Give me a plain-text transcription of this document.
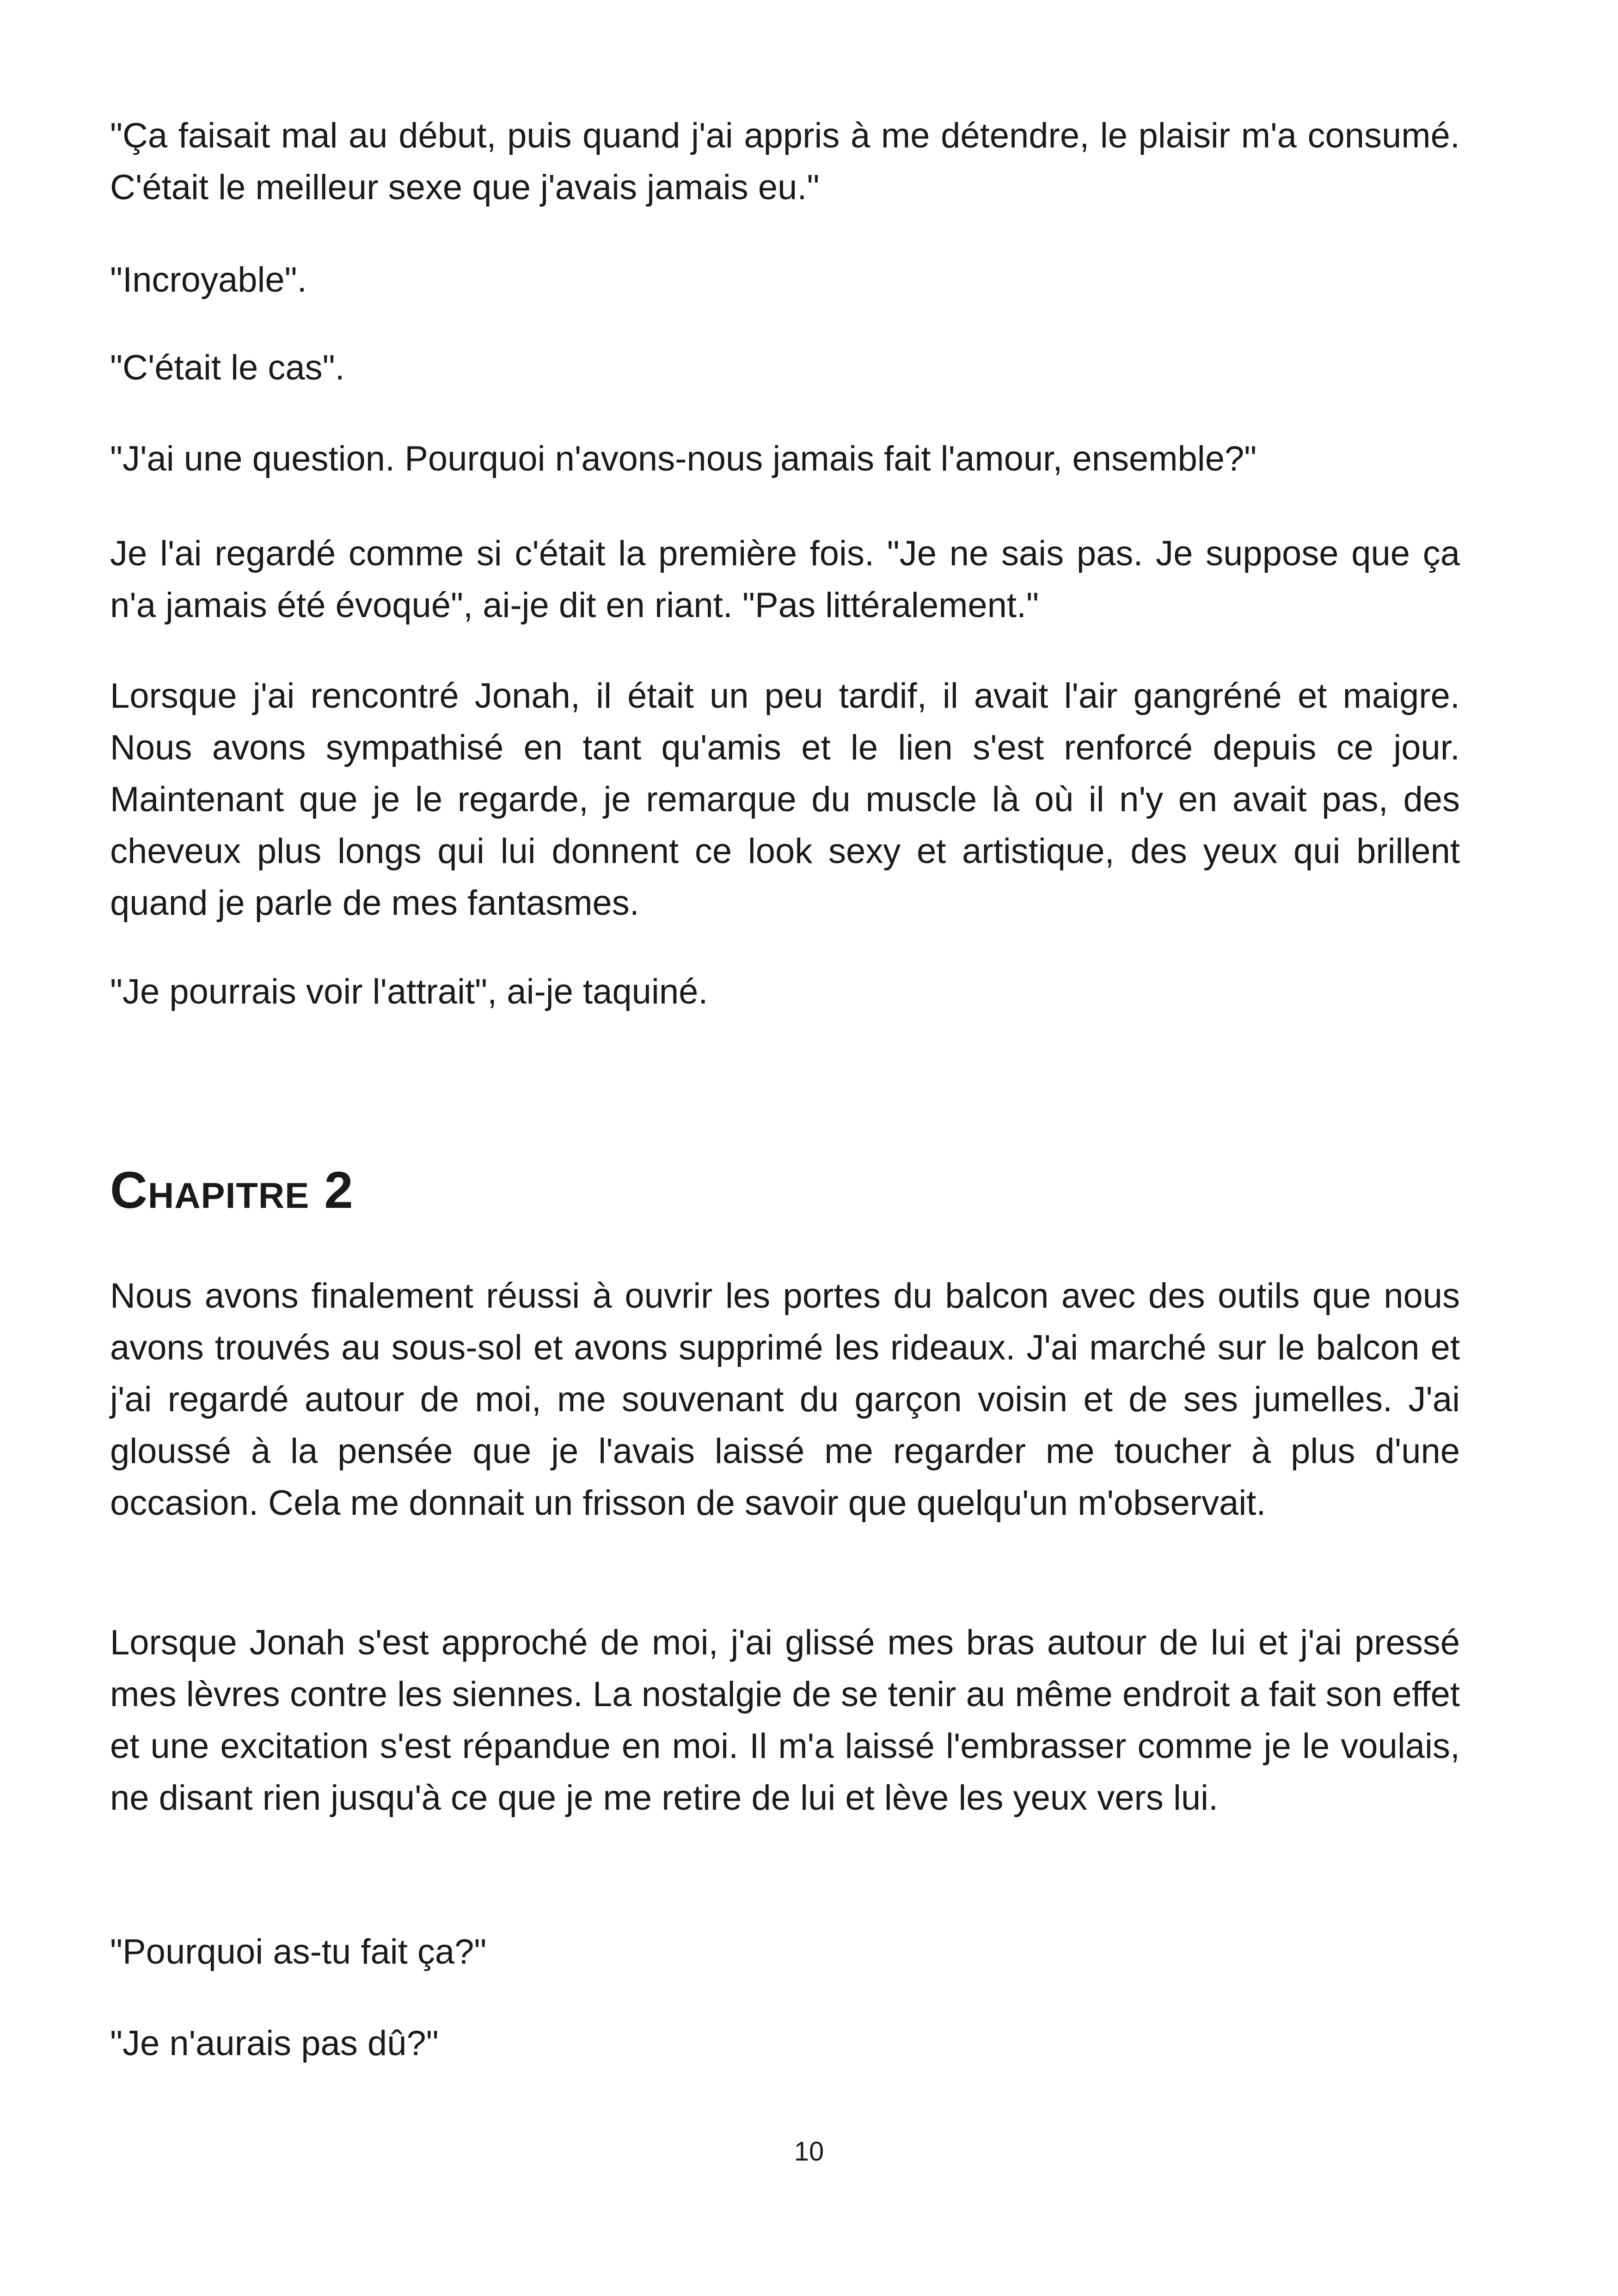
"Ça faisait mal au début, puis quand j'ai appris à me détendre, le plaisir m'a consumé. C'était le meilleur sexe que j'avais jamais eu."

"Incroyable".

"C'était le cas".

"J'ai une question. Pourquoi n'avons-nous jamais fait l'amour, ensemble?"

Je l'ai regardé comme si c'était la première fois. "Je ne sais pas. Je suppose que ça n'a jamais été évoqué", ai-je dit en riant. "Pas littéralement."

Lorsque j'ai rencontré Jonah, il était un peu tardif, il avait l'air gangréné et maigre. Nous avons sympathisé en tant qu'amis et le lien s'est renforcé depuis ce jour. Maintenant que je le regarde, je remarque du muscle là où il n'y en avait pas, des cheveux plus longs qui lui donnent ce look sexy et artistique, des yeux qui brillent quand je parle de mes fantasmes.

"Je pourrais voir l'attrait", ai-je taquiné.

Chapitre 2

Nous avons finalement réussi à ouvrir les portes du balcon avec des outils que nous avons trouvés au sous-sol et avons supprimé les rideaux. J'ai marché sur le balcon et j'ai regardé autour de moi, me souvenant du garçon voisin et de ses jumelles. J'ai gloussé à la pensée que je l'avais laissé me regarder me toucher à plus d'une occasion. Cela me donnait un frisson de savoir que quelqu'un m'observait.

Lorsque Jonah s'est approché de moi, j'ai glissé mes bras autour de lui et j'ai pressé mes lèvres contre les siennes. La nostalgie de se tenir au même endroit a fait son effet et une excitation s'est répandue en moi. Il m'a laissé l'embrasser comme je le voulais, ne disant rien jusqu'à ce que je me retire de lui et lève les yeux vers lui.

"Pourquoi as-tu fait ça?"

"Je n'aurais pas dû?"

10
